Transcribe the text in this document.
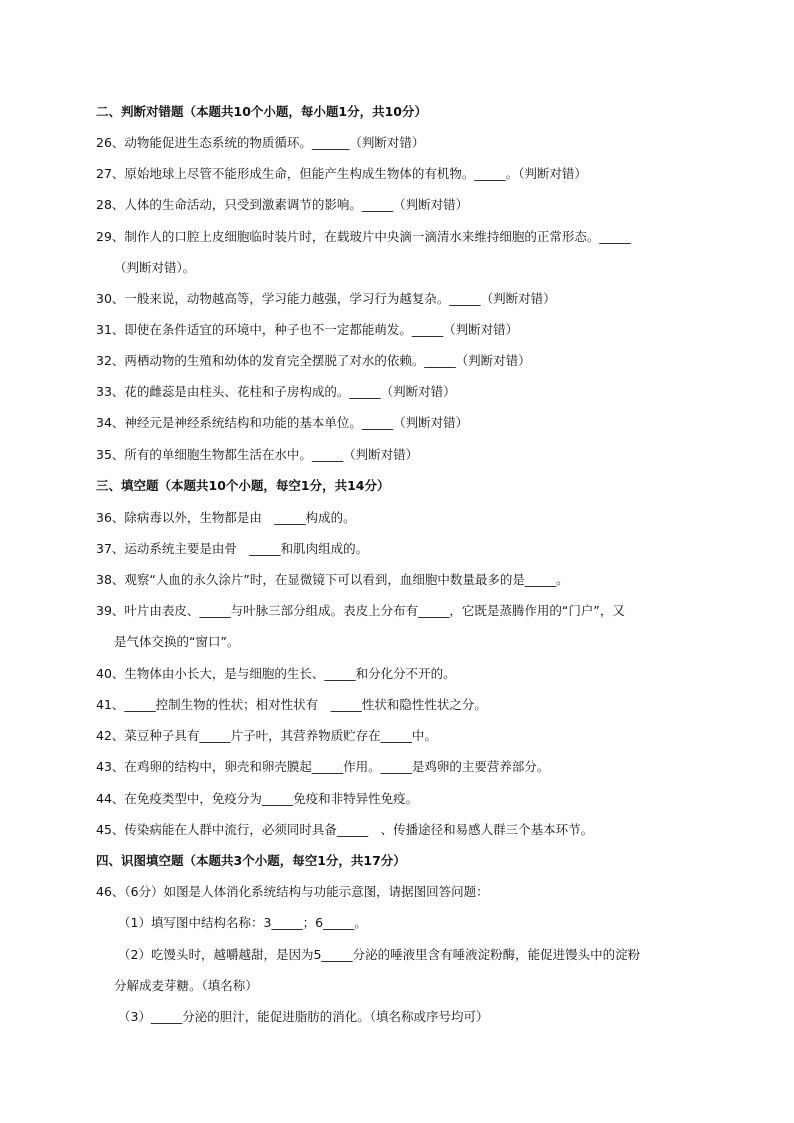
二、判断对错题（本题共10个小题，每小题1分，共10分）
26、动物能促进生态系统的物质循环。______（判断对错）
27、原始地球上尽管不能形成生命，但能产生构成生物体的有机物。_____。（判断对错）
28、人体的生命活动，只受到激素调节的影响。_____（判断对错）
29、制作人的口腔上皮细胞临时装片时，在载玻片中央滴一滴清水来维持细胞的正常形态。_____
（判断对错）。
30、一般来说，动物越高等，学习能力越强，学习行为越复杂。_____（判断对错）
31、即使在条件适宜的环境中，种子也不一定都能萌发。_____（判断对错）
32、两栖动物的生殖和幼体的发育完全摆脱了对水的依赖。_____（判断对错）
33、花的雌蕊是由柱头、花柱和子房构成的。_____（判断对错）
34、神经元是神经系统结构和功能的基本单位。_____（判断对错）
35、所有的单细胞生物都生活在水中。_____（判断对错）
三、填空题（本题共10个小题，每空1分，共14分）
36、除病毒以外，生物都是由　_____构成的。
37、运动系统主要是由骨　_____和肌肉组成的。
38、观察“人血的永久涂片”时，在显微镜下可以看到，血细胞中数量最多的是_____。
39、叶片由表皮、_____与叶脉三部分组成。表皮上分布有_____，它既是蒸腾作用的“门户”，又
是气体交换的“窗口”。
40、生物体由小长大，是与细胞的生长、_____和分化分不开的。
41、_____控制生物的性状；相对性状有　_____性状和隐性性状之分。
42、菜豆种子具有_____片子叶，其营养物质贮存在_____中。
43、在鸡卵的结构中，卵壳和卵壳膜起_____作用。_____是鸡卵的主要营养部分。
44、在免疫类型中，免疫分为_____免疫和非特异性免疫。
45、传染病能在人群中流行，必须同时具备_____　、传播途径和易感人群三个基本环节。
四、识图填空题（本题共3个小题，每空1分，共17分）
46、（6分）如图是人体消化系统结构与功能示意图，请据图回答问题：
（1）填写图中结构名称：3_____；6_____。
（2）吃馒头时，越嚼越甜，是因为5_____分泌的唾液里含有唾液淀粉酶，能促进馒头中的淀粉
分解成麦芽糖。（填名称）
（3）_____分泌的胆汁，能促进脂肪的消化。（填名称或序号均可）
